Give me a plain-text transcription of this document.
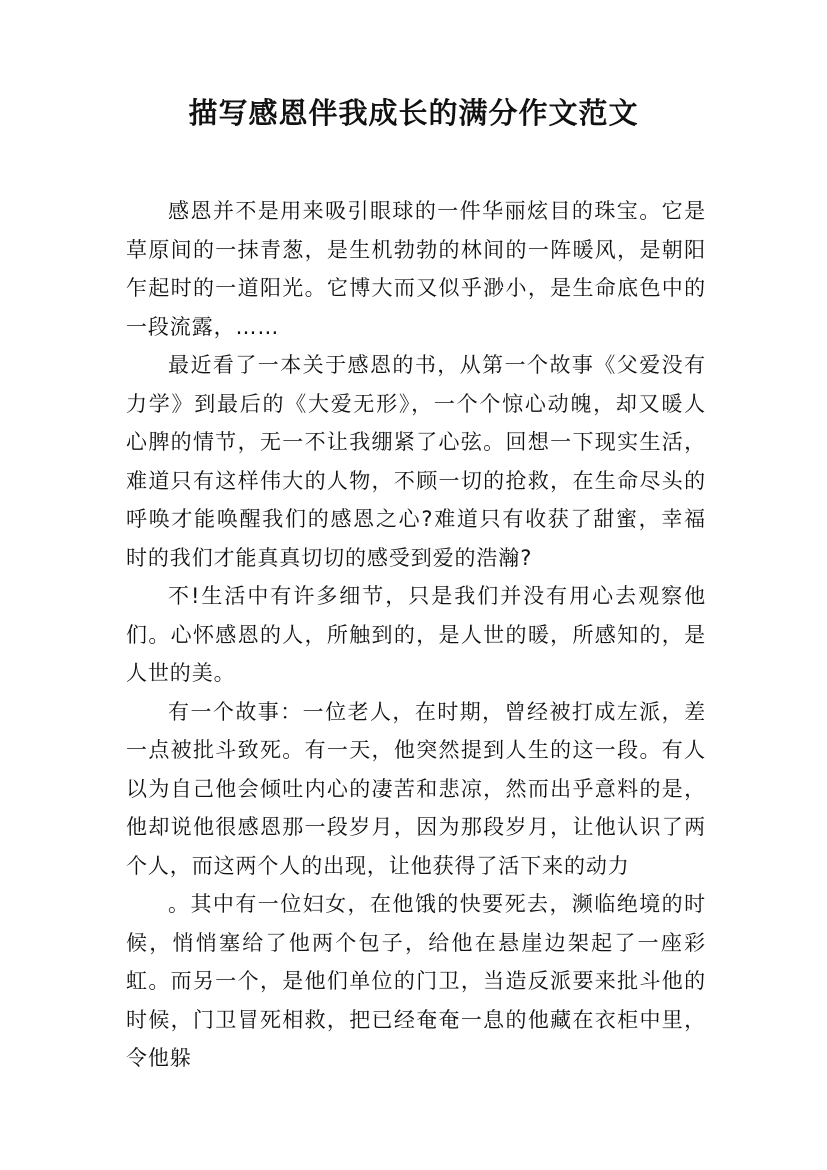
描写感恩伴我成长的满分作文范文

感恩并不是用来吸引眼球的一件华丽炫目的珠宝。它是草原间的一抹青葱，是生机勃勃的林间的一阵暖风，是朝阳乍起时的一道阳光。它博大而又似乎渺小，是生命底色中的一段流露，……

最近看了一本关于感恩的书，从第一个故事《父爱没有力学》到最后的《大爱无形》，一个个惊心动魄，却又暖人心脾的情节，无一不让我绷紧了心弦。回想一下现实生活，难道只有这样伟大的人物，不顾一切的抢救，在生命尽头的呼唤才能唤醒我们的感恩之心?难道只有收获了甜蜜，幸福时的我们才能真真切切的感受到爱的浩瀚?

不!生活中有许多细节，只是我们并没有用心去观察他们。心怀感恩的人，所触到的，是人世的暖，所感知的，是人世的美。

有一个故事：一位老人，在时期，曾经被打成左派，差一点被批斗致死。有一天，他突然提到人生的这一段。有人以为自己他会倾吐内心的凄苦和悲凉，然而出乎意料的是，他却说他很感恩那一段岁月，因为那段岁月，让他认识了两个人，而这两个人的出现，让他获得了活下来的动力

。其中有一位妇女，在他饿的快要死去，濒临绝境的时候，悄悄塞给了他两个包子，给他在悬崖边架起了一座彩虹。而另一个，是他们单位的门卫，当造反派要来批斗他的时候，门卫冒死相救，把已经奄奄一息的他藏在衣柜中里，令他躲
